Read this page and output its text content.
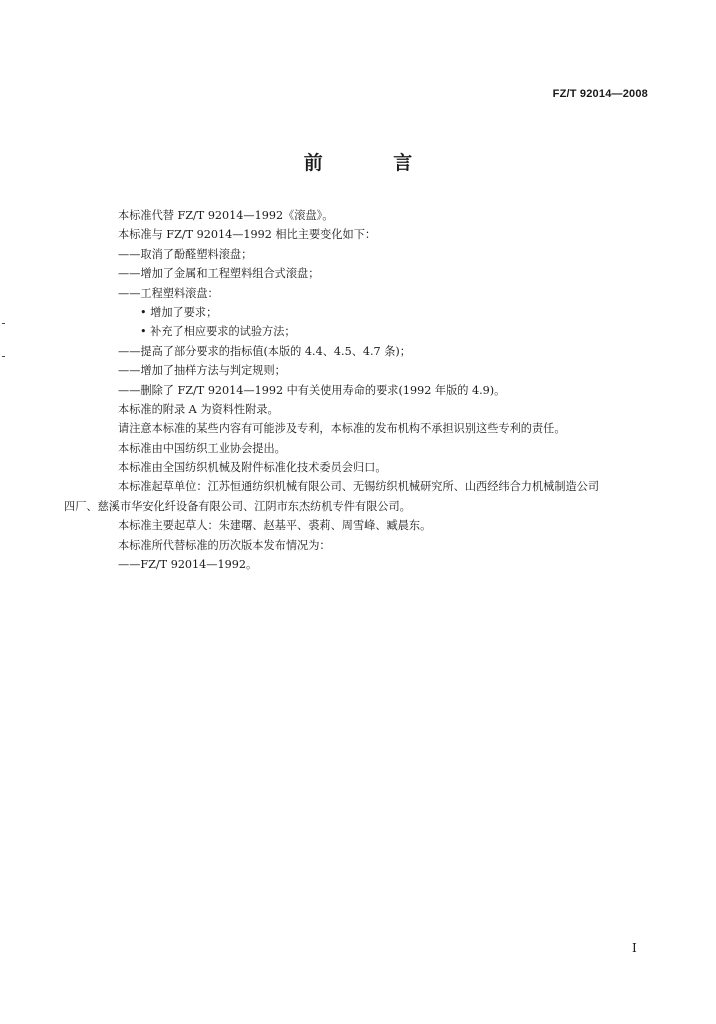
FZ/T 92014—2008
前 言
本标准代替 FZ/T 92014—1992《滚盘》。
本标准与 FZ/T 92014—1992 相比主要变化如下：
——取消了酚醛塑料滚盘；
——增加了金属和工程塑料组合式滚盘；
——工程塑料滚盘：
• 增加了要求；
• 补充了相应要求的试验方法；
——提高了部分要求的指标值(本版的 4.4、4.5、4.7 条)；
——增加了抽样方法与判定规则；
——删除了 FZ/T 92014—1992 中有关使用寿命的要求(1992 年版的 4.9)。
本标准的附录 A 为资料性附录。
请注意本标准的某些内容有可能涉及专利，本标准的发布机构不承担识别这些专利的责任。
本标准由中国纺织工业协会提出。
本标准由全国纺织机械及附件标准化技术委员会归口。
本标准起草单位：江苏恒通纺织机械有限公司、无锡纺织机械研究所、山西经纬合力机械制造公司
四厂、慈溪市华安化纤设备有限公司、江阴市东杰纺机专件有限公司。
本标准主要起草人：朱建曙、赵基平、裘莉、周雪峰、臧晨东。
本标准所代替标准的历次版本发布情况为：
——FZ/T 92014—1992。
I
